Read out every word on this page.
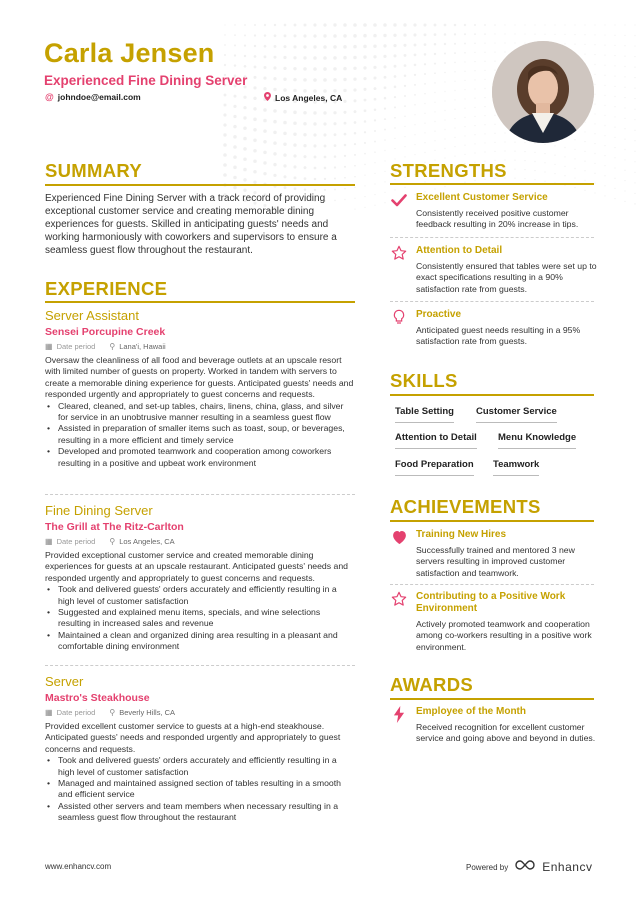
Carla Jensen
Experienced Fine Dining Server
@ johndoe@email.com	Los Angeles, CA
SUMMARY
Experienced Fine Dining Server with a track record of providing exceptional customer service and creating memorable dining experiences for guests. Skilled in anticipating guests' needs and working harmoniously with coworkers and supervisors to ensure a seamless guest flow throughout the restaurant.
EXPERIENCE
Server Assistant
Sensei Porcupine Creek
▦ Date period ⚲ Lana'i, Hawaii
Oversaw the cleanliness of all food and beverage outlets at an upscale resort with limited number of guests on property. Worked in tandem with servers to create a memorable dining experience for guests. Anticipated guests' needs and responded urgently and appropriately to guest concerns and requests.
• Cleared, cleaned, and set-up tables, chairs, linens, china, glass, and silver for service in an unobtrusive manner resulting in a seamless guest flow
• Assisted in preparation of smaller items such as toast, soup, or beverages, resulting in a more efficient and timely service
• Developed and promoted teamwork and cooperation among coworkers resulting in a positive and upbeat work environment
Fine Dining Server
The Grill at The Ritz-Carlton
▦ Date period ⚲ Los Angeles, CA
Provided exceptional customer service and created memorable dining experiences for guests at an upscale restaurant. Anticipated guests' needs and responded urgently and appropriately to guest concerns and requests.
• Took and delivered guests' orders accurately and efficiently resulting in a high level of customer satisfaction
• Suggested and explained menu items, specials, and wine selections resulting in increased sales and revenue
• Maintained a clean and organized dining area resulting in a pleasant and comfortable dining environment
Server
Mastro's Steakhouse
▦ Date period ⚲ Beverly Hills, CA
Provided excellent customer service to guests at a high-end steakhouse. Anticipated guests' needs and responded urgently and appropriately to guest concerns and requests.
• Took and delivered guests' orders accurately and efficiently resulting in a high level of customer satisfaction
• Managed and maintained assigned section of tables resulting in a smooth and efficient service
• Assisted other servers and team members when necessary resulting in a seamless guest flow throughout the restaurant
STRENGTHS
Excellent Customer Service
Consistently received positive customer feedback resulting in 20% increase in tips.
Attention to Detail
Consistently ensured that tables were set up to exact specifications resulting in a 90% satisfaction rate from guests.
Proactive
Anticipated guest needs resulting in a 95% satisfaction rate from guests.
SKILLS
Table Setting Customer Service
Attention to Detail Menu Knowledge
Food Preparation Teamwork
ACHIEVEMENTS
Training New Hires
Successfully trained and mentored 3 new servers resulting in improved customer satisfaction and teamwork.
Contributing to a Positive Work Environment
Actively promoted teamwork and cooperation among co-workers resulting in a positive work environment.
AWARDS
Employee of the Month
Received recognition for excellent customer service and going above and beyond in duties.
www.enhancv.com	Powered by	Enhancv
